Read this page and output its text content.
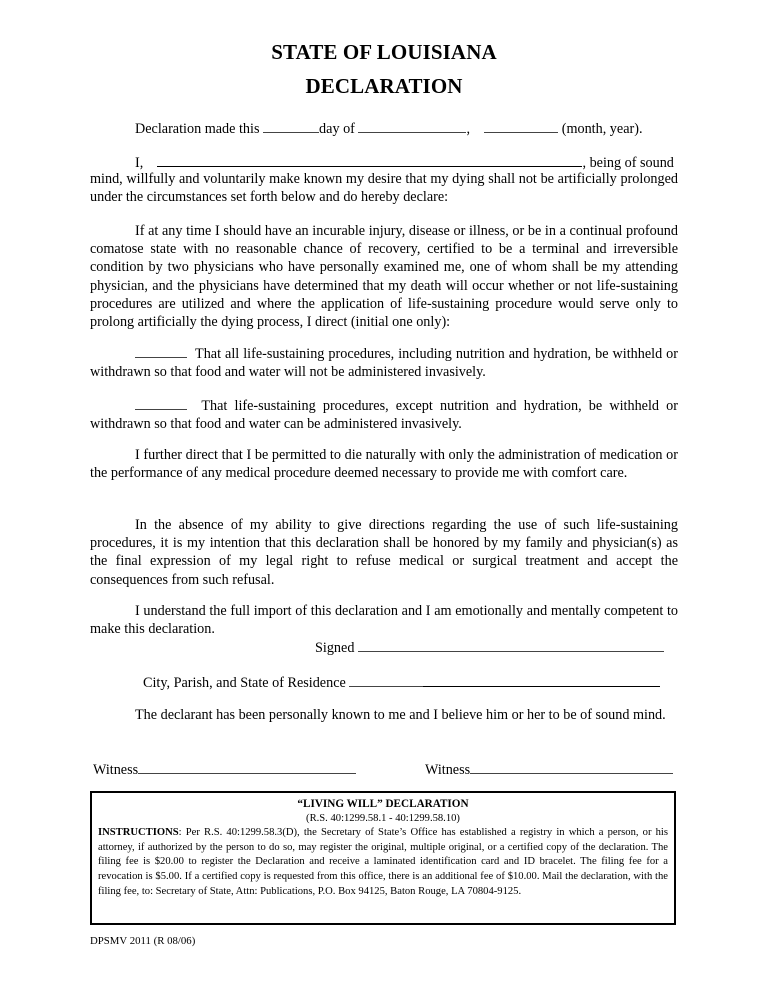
STATE OF LOUISIANA
DECLARATION
Declaration made this	day of	,	(month, year).
I,	, being of sound
mind, willfully and voluntarily make known my desire that my dying shall not be artificially prolonged under the circumstances set forth below and do hereby declare:
If at any time I should have an incurable injury, disease or illness, or be in a continual profound comatose state with no reasonable chance of recovery, certified to be a terminal and irreversible condition by two physicians who have personally examined me, one of whom shall be my attending physician, and the physicians have determined that my death will occur whether or not life-sustaining procedures are utilized and where the application of life-sustaining procedure would serve only to prolong artificially the dying process, I direct (initial one only):
That all life-sustaining procedures, including nutrition and hydration, be withheld or withdrawn so that food and water will not be administered invasively.
That life-sustaining procedures, except nutrition and hydration, be withheld or withdrawn so that food and water can be administered invasively.
I further direct that I be permitted to die naturally with only the administration of medication or the performance of any medical procedure deemed necessary to provide me with comfort care.
In the absence of my ability to give directions regarding the use of such life-sustaining procedures, it is my intention that this declaration shall be honored by my family and physician(s) as the final expression of my legal right to refuse medical or surgical treatment and accept the consequences from such refusal.
I understand the full import of this declaration and I am emotionally and mentally competent to make this declaration.
Signed
City, Parish, and State of Residence
The declarant has been personally known to me and I believe him or her to be of sound mind.
Witness	Witness
“LIVING WILL” DECLARATION
(R.S. 40:1299.58.1 - 40:1299.58.10)
INSTRUCTIONS: Per R.S. 40:1299.58.3(D), the Secretary of State’s Office has established a registry in which a person, or his attorney, if authorized by the person to do so, may register the original, multiple original, or a certified copy of the declaration. The filing fee is $20.00 to register the Declaration and receive a laminated identification card and ID bracelet. The filing fee for a revocation is $5.00. If a certified copy is requested from this office, there is an additional fee of $10.00. Mail the declaration, with the filing fee, to: Secretary of State, Attn: Publications, P.O. Box 94125, Baton Rouge, LA 70804-9125.
DPSMV 2011 (R 08/06)
